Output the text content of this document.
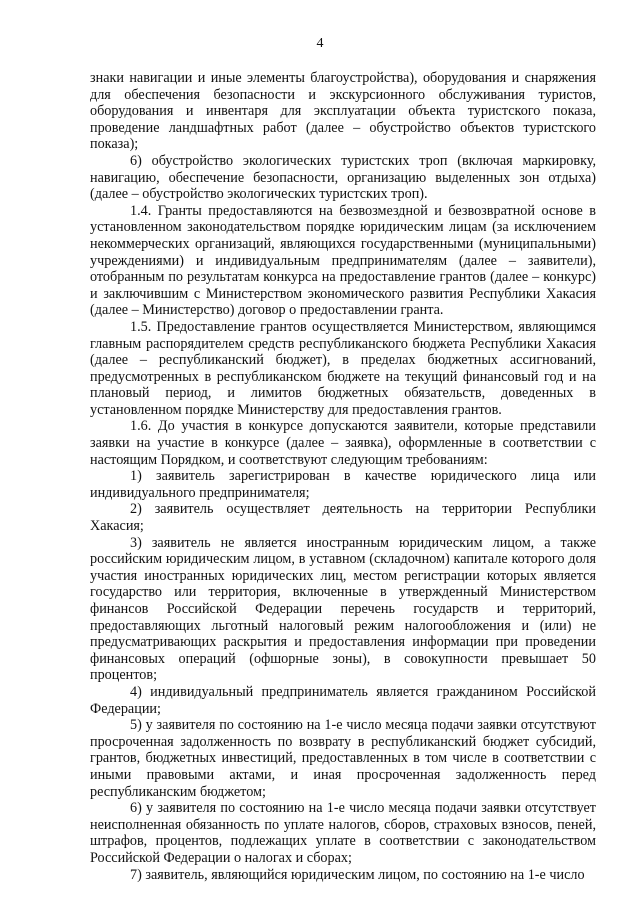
4

знаки навигации и иные элементы благоустройства), оборудования и снаряжения для обеспечения безопасности и экскурсионного обслуживания туристов, оборудования и инвентаря для эксплуатации объекта туристского показа, проведение ландшафтных работ (далее – обустройство объектов туристского показа);

6) обустройство экологических туристских троп (включая маркировку, навигацию, обеспечение безопасности, организацию выделенных зон отдыха) (далее – обустройство экологических туристских троп).

1.4. Гранты предоставляются на безвозмездной и безвозвратной основе в установленном законодательством порядке юридическим лицам (за исключением некоммерческих организаций, являющихся государственными (муниципальными) учреждениями) и индивидуальным предпринимателям (далее – заявители), отобранным по результатам конкурса на предоставление грантов (далее – конкурс) и заключившим с Министерством экономического развития Республики Хакасия (далее – Министерство) договор о предоставлении гранта.

1.5. Предоставление грантов осуществляется Министерством, являющимся главным распорядителем средств республиканского бюджета Республики Хакасия (далее – республиканский бюджет), в пределах бюджетных ассигнований, предусмотренных в республиканском бюджете на текущий финансовый год и на плановый период, и лимитов бюджетных обязательств, доведенных в установленном порядке Министерству для предоставления грантов.

1.6. До участия в конкурсе допускаются заявители, которые представили заявки на участие в конкурсе (далее – заявка), оформленные в соответствии с настоящим Порядком, и соответствуют следующим требованиям:

1) заявитель зарегистрирован в качестве юридического лица или индивидуального предпринимателя;

2) заявитель осуществляет деятельность на территории Республики Хакасия;

3) заявитель не является иностранным юридическим лицом, а также российским юридическим лицом, в уставном (складочном) капитале которого доля участия иностранных юридических лиц, местом регистрации которых является государство или территория, включенные в утвержденный Министерством финансов Российской Федерации перечень государств и территорий, предоставляющих льготный налоговый режим налогообложения и (или) не предусматривающих раскрытия и предоставления информации при проведении финансовых операций (офшорные зоны), в совокупности превышает 50 процентов;

4) индивидуальный предприниматель является гражданином Российской Федерации;

5) у заявителя по состоянию на 1-е число месяца подачи заявки отсутствуют просроченная задолженность по возврату в республиканский бюджет субсидий, грантов, бюджетных инвестиций, предоставленных в том числе в соответствии с иными правовыми актами, и иная просроченная задолженность перед республиканским бюджетом;

6) у заявителя по состоянию на 1-е число месяца подачи заявки отсутствует неисполненная обязанность по уплате налогов, сборов, страховых взносов, пеней, штрафов, процентов, подлежащих уплате в соответствии с законодательством Российской Федерации о налогах и сборах;

7) заявитель, являющийся юридическим лицом, по состоянию на 1-е число
